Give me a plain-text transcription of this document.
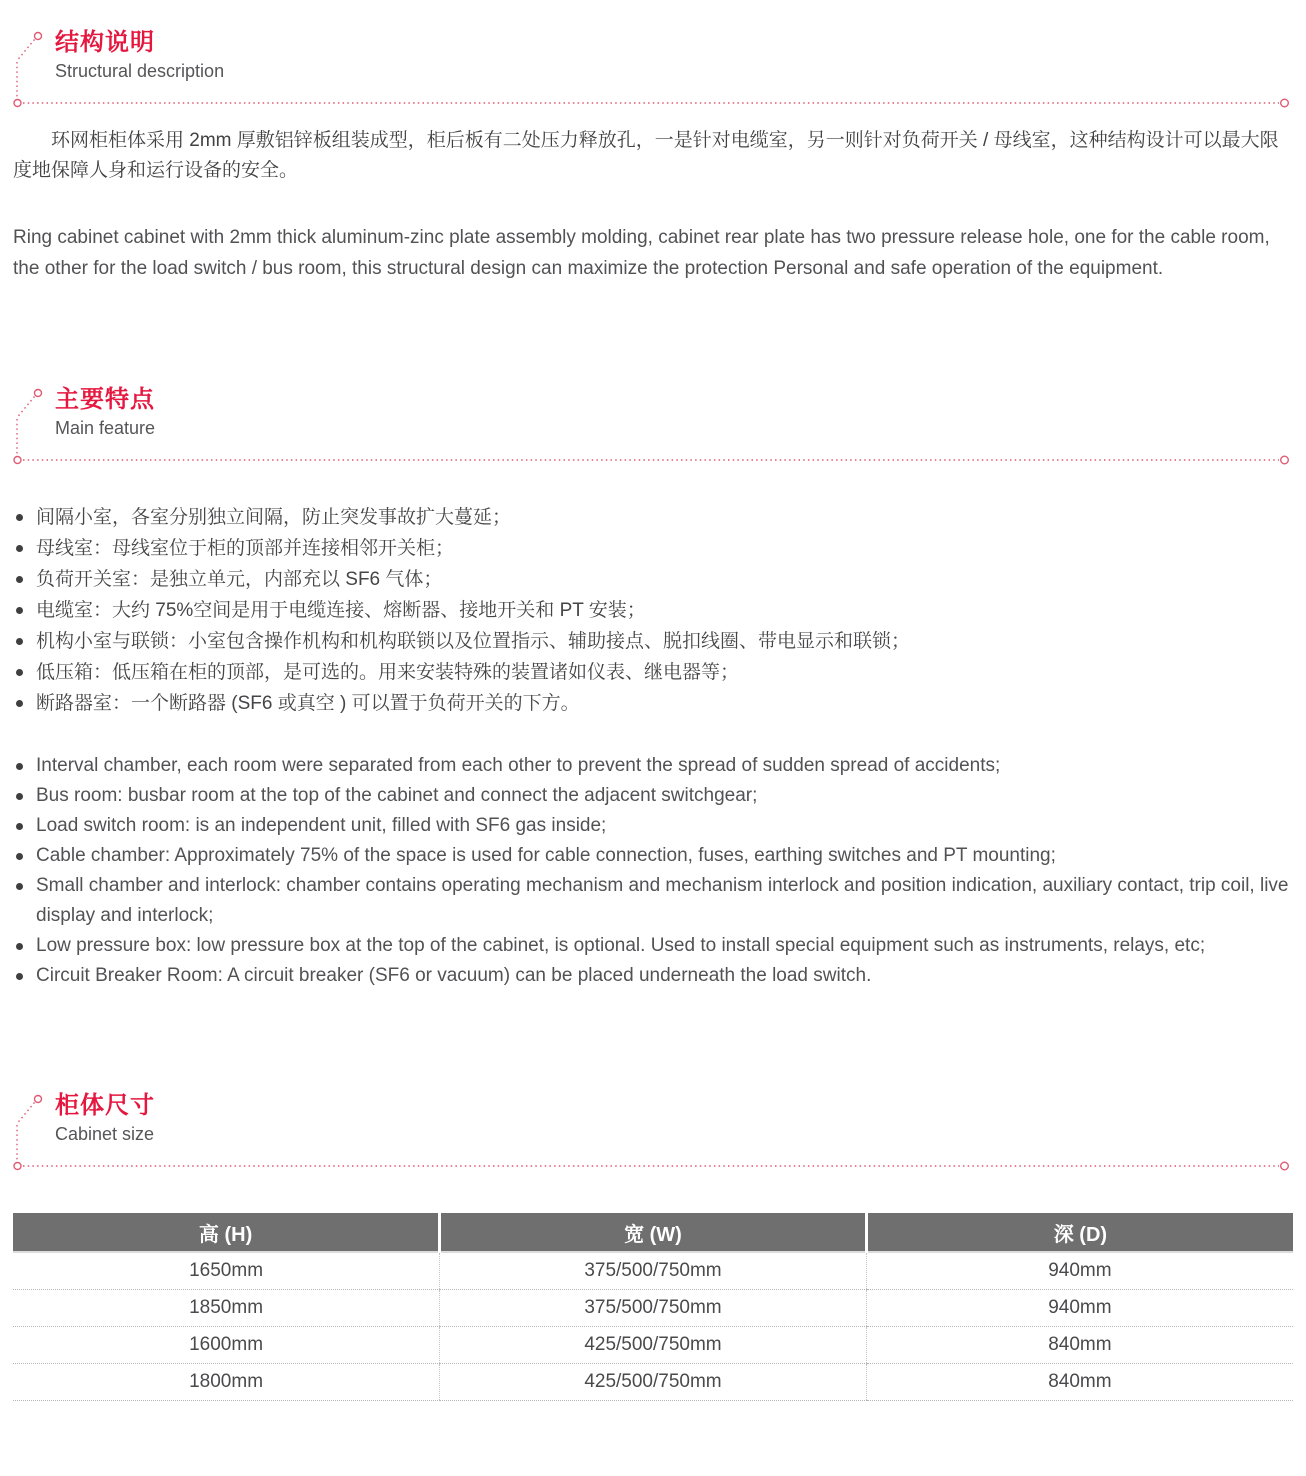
结构说明
Structural description
环网柜柜体采用 2mm 厚敷铝锌板组装成型，柜后板有二处压力释放孔，一是针对电缆室，另一则针对负荷开关 / 母线室，这种结构设计可以最大限度地保障人身和运行设备的安全。
Ring cabinet cabinet with 2mm thick aluminum-zinc plate assembly molding, cabinet rear plate has two pressure release hole, one for the cable room, the other for the load switch / bus room, this structural design can maximize the protection Personal and safe operation of the equipment.
主要特点
Main feature
间隔小室，各室分别独立间隔，防止突发事故扩大蔓延；
母线室：母线室位于柜的顶部并连接相邻开关柜；
负荷开关室：是独立单元，内部充以 SF6 气体；
电缆室：大约 75%空间是用于电缆连接、熔断器、接地开关和 PT 安装；
机构小室与联锁：小室包含操作机构和机构联锁以及位置指示、辅助接点、脱扣线圈、带电显示和联锁；
低压箱：低压箱在柜的顶部，是可选的。用来安装特殊的装置诸如仪表、继电器等；
断路器室：一个断路器 (SF6 或真空 ) 可以置于负荷开关的下方。
Interval chamber, each room were separated from each other to prevent the spread of sudden spread of accidents;
Bus room: busbar room at the top of the cabinet and connect the adjacent switchgear;
Load switch room: is an independent unit, filled with SF6 gas inside;
Cable chamber: Approximately 75% of the space is used for cable connection, fuses, earthing switches and PT mounting;
Small chamber and interlock: chamber contains operating mechanism and mechanism interlock and position indication, auxiliary contact, trip coil, live display and interlock;
Low pressure box: low pressure box at the top of the cabinet, is optional. Used to install special equipment such as instruments, relays, etc;
Circuit Breaker Room: A circuit breaker (SF6 or vacuum) can be placed underneath the load switch.
柜体尺寸
Cabinet size
高 (H)	宽 (W)	深 (D)
1650mm	375/500/750mm	940mm
1850mm	375/500/750mm	940mm
1600mm	425/500/750mm	840mm
1800mm	425/500/750mm	840mm
